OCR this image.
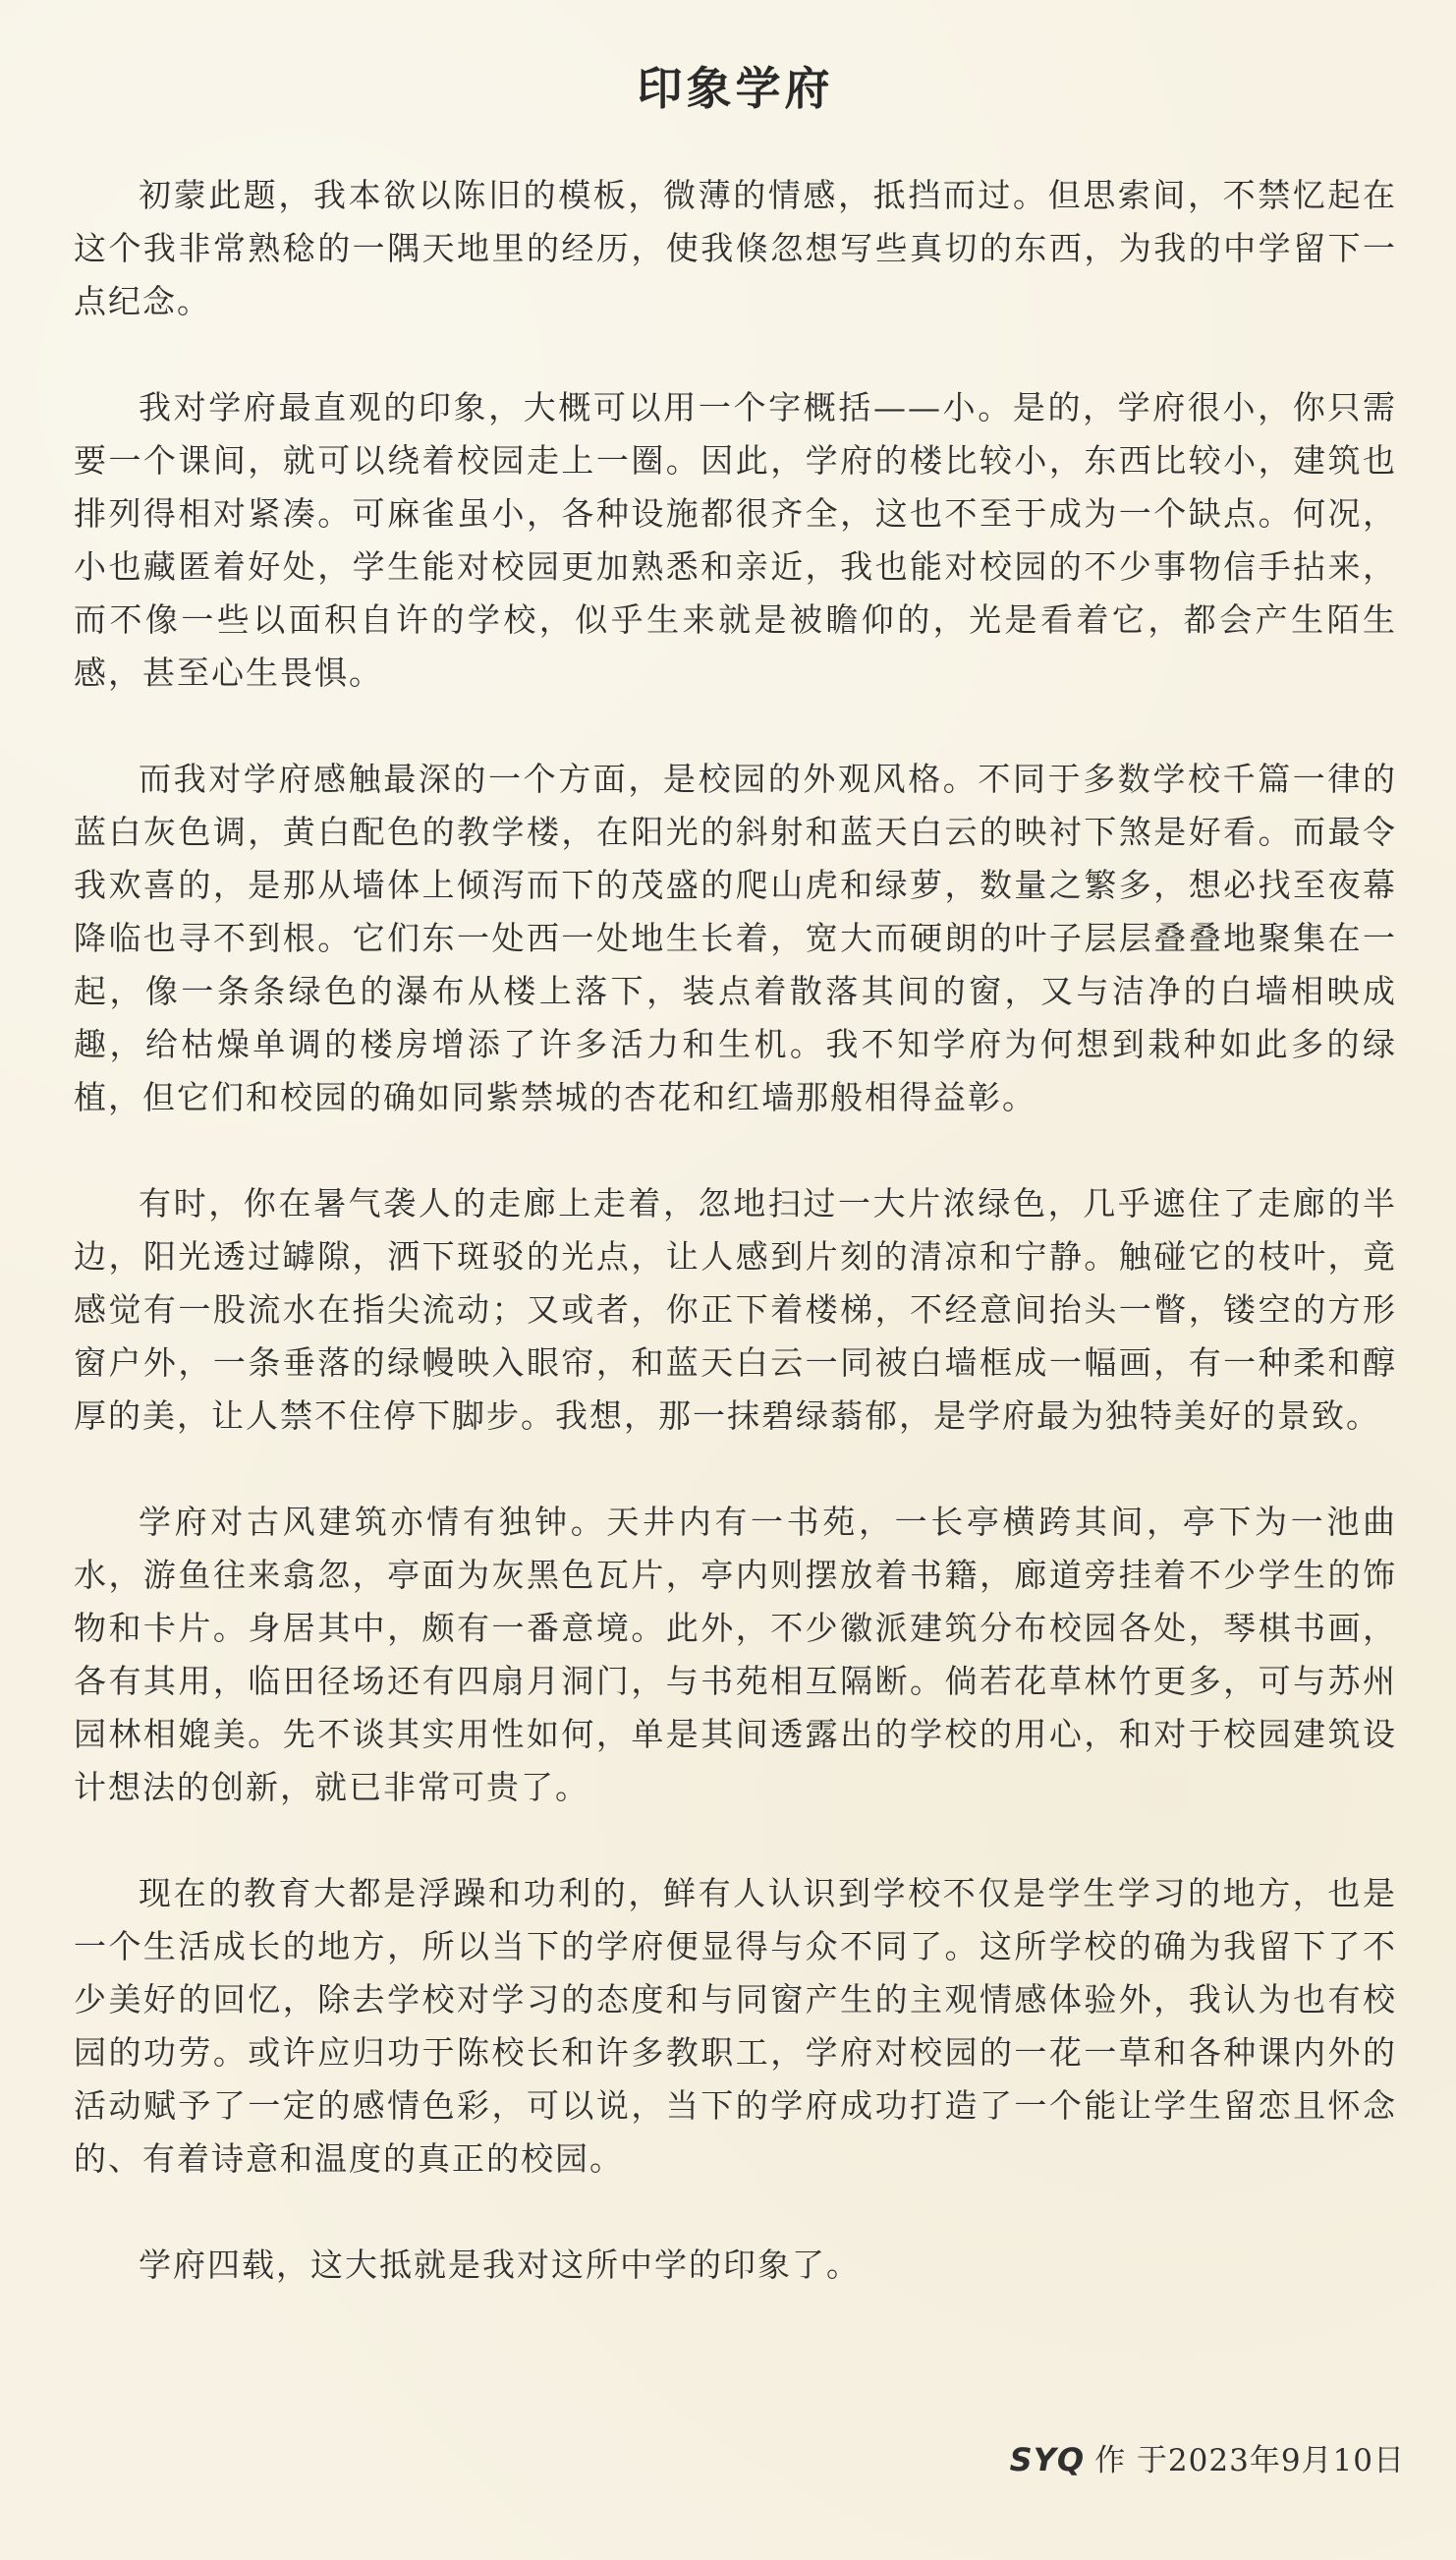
印象学府

初蒙此题，我本欲以陈旧的模板，微薄的情感，抵挡而过。但思索间，不禁忆起在这个我非常熟稔的一隅天地里的经历，使我倏忽想写些真切的东西，为我的中学留下一点纪念。

我对学府最直观的印象，大概可以用一个字概括——小。是的，学府很小，你只需要一个课间，就可以绕着校园走上一圈。因此，学府的楼比较小，东西比较小，建筑也排列得相对紧凑。可麻雀虽小，各种设施都很齐全，这也不至于成为一个缺点。何况，小也藏匿着好处，学生能对校园更加熟悉和亲近，我也能对校园的不少事物信手拈来，而不像一些以面积自许的学校，似乎生来就是被瞻仰的，光是看着它，都会产生陌生感，甚至心生畏惧。

而我对学府感触最深的一个方面，是校园的外观风格。不同于多数学校千篇一律的蓝白灰色调，黄白配色的教学楼，在阳光的斜射和蓝天白云的映衬下煞是好看。而最令我欢喜的，是那从墙体上倾泻而下的茂盛的爬山虎和绿萝，数量之繁多，想必找至夜幕降临也寻不到根。它们东一处西一处地生长着，宽大而硬朗的叶子层层叠叠地聚集在一起，像一条条绿色的瀑布从楼上落下，装点着散落其间的窗，又与洁净的白墙相映成趣，给枯燥单调的楼房增添了许多活力和生机。我不知学府为何想到栽种如此多的绿植，但它们和校园的确如同紫禁城的杏花和红墙那般相得益彰。

有时，你在暑气袭人的走廊上走着，忽地扫过一大片浓绿色，几乎遮住了走廊的半边，阳光透过罅隙，洒下斑驳的光点，让人感到片刻的清凉和宁静。触碰它的枝叶，竟感觉有一股流水在指尖流动；又或者，你正下着楼梯，不经意间抬头一瞥，镂空的方形窗户外，一条垂落的绿幔映入眼帘，和蓝天白云一同被白墙框成一幅画，有一种柔和醇厚的美，让人禁不住停下脚步。我想，那一抹碧绿蓊郁，是学府最为独特美好的景致。

学府对古风建筑亦情有独钟。天井内有一书苑，一长亭横跨其间，亭下为一池曲水，游鱼往来翕忽，亭面为灰黑色瓦片，亭内则摆放着书籍，廊道旁挂着不少学生的饰物和卡片。身居其中，颇有一番意境。此外，不少徽派建筑分布校园各处，琴棋书画，各有其用，临田径场还有四扇月洞门，与书苑相互隔断。倘若花草林竹更多，可与苏州园林相媲美。先不谈其实用性如何，单是其间透露出的学校的用心，和对于校园建筑设计想法的创新，就已非常可贵了。

现在的教育大都是浮躁和功利的，鲜有人认识到学校不仅是学生学习的地方，也是一个生活成长的地方，所以当下的学府便显得与众不同了。这所学校的确为我留下了不少美好的回忆，除去学校对学习的态度和与同窗产生的主观情感体验外，我认为也有校园的功劳。或许应归功于陈校长和许多教职工，学府对校园的一花一草和各种课内外的活动赋予了一定的感情色彩，可以说，当下的学府成功打造了一个能让学生留恋且怀念的、有着诗意和温度的真正的校园。

学府四载，这大抵就是我对这所中学的印象了。

SYQ 作 于2023年9月10日
